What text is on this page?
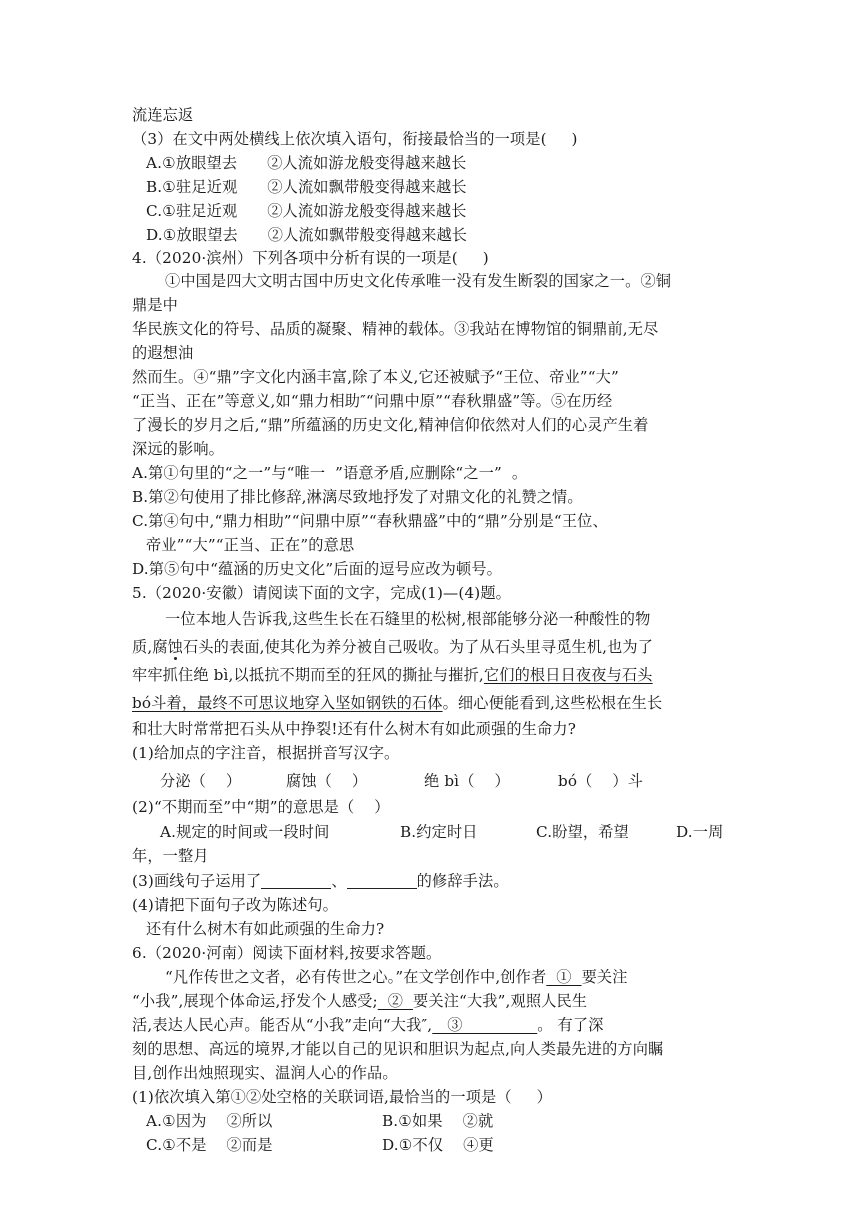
流连忘返
（3）在文中两处横线上依次填入语句，衔接最恰当的一项是(     )
A.①放眼望去      ②人流如游龙般变得越来越长
B.①驻足近观      ②人流如飘带般变得越来越长
C.①驻足近观      ②人流如游龙般变得越来越长
D.①放眼望去      ②人流如飘带般变得越来越长
4.（2020·滨州）下列各项中分析有误的一项是(     )
①中国是四大文明古国中历史文化传承唯一没有发生断裂的国家之一。②铜
鼎是中
华民族文化的符号、品质的凝聚、精神的载体。③我站在博物馆的铜鼎前,无尽
的遐想油
然而生。④“鼎”字文化内涵丰富,除了本义,它还被赋予“王位、帝业”“大”
“正当、正在”等意义,如“鼎力相助″“问鼎中原”“春秋鼎盛”等。⑤在历经
了漫长的岁月之后,“鼎”所蕴涵的历史文化,精神信仰依然对人们的心灵产生着
深远的影响。
A.第①句里的“之一”与“唯一  ”语意矛盾,应删除“之一”  。
B.第②句使用了排比修辞,淋漓尽致地抒发了对鼎文化的礼赞之情。
C.第④句中,“鼎力相助”“问鼎中原”“春秋鼎盛”中的“鼎”分别是“王位、
帝业”“大”“正当、正在”的意思
D.第⑤句中“蕴涵的历史文化”后面的逗号应改为顿号。
5.（2020·安徽）请阅读下面的文字，完成(1)—(4)题。
一位本地人告诉我,这些生长在石缝里的松树,根部能够分泌一种酸性的物
质,腐蚀石头的表面,使其化为养分被自己吸收。为了从石头里寻觅生机,也为了
牢牢抓住绝 bì,以抵抗不期而至的狂风的撕扯与摧折,它们的根日日夜夜与石头
bó斗着，最终不可思议地穿入坚如钢铁的石体。细心便能看到,这些松根在生长
和壮大时常常把石头从中挣裂!还有什么树木有如此顽强的生命力?
(1)给加点的字注音，根据拼音写汉字。
分泌（    ）	腐蚀（    ）	绝 bì（    ）	bó（    ）斗
(2)“不期而至”中“期”的意思是（    ）
A.规定的时间或一段时间	B.约定时日	C.盼望，希望	D.一周
年，一整月
(3)画线句子运用了	、	的修辞手法。
(4)请把下面句子改为陈述句。
还有什么树木有如此顽强的生命力?
6.（2020·河南）阅读下面材料,按要求答题。
“凡作传世之文者，必有传世之心。”在文学创作中,创作者  ①  要关注
“小我”,展现个体命运,抒发个人感受;  ②  要关注“大我”,观照人民生
活,表达人民心声。能否从“小我”走向“大我″,   ③               。 有了深
刻的思想、高远的境界,才能以自己的见识和胆识为起点,向人类最先进的方向瞩
目,创作出烛照现实、温润人心的作品。
(1)依次填入第①②处空格的关联词语,最恰当的一项是（     ）
A.①因为    ②所以	B.①如果    ②就
C.①不是    ②而是	D.①不仅    ④更
